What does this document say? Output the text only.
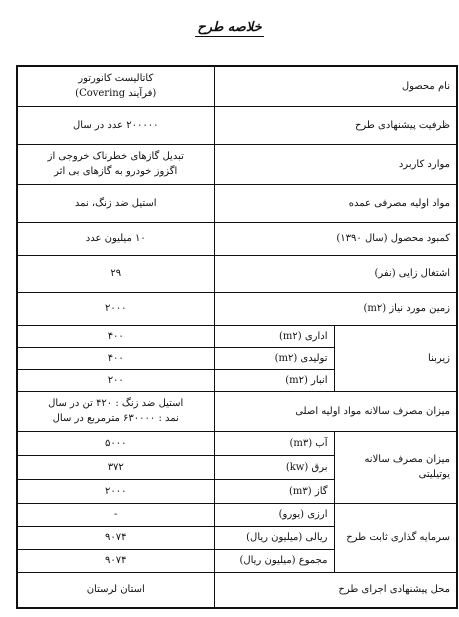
خلاصه طرح
نام محصول		کاتالیست کانورتور
(فرآیند Covering)

ظرفیت پیشنهادی طرح		۲۰۰۰۰۰ عدد در سال
موارد کاربرد		تبدیل گازهای خطرناک خروجی از
اگزوز خودرو به گازهای بی اثر

مواد اولیه مصرفی عمده		استیل ضد زنگ، نمد
کمبود محصول (سال ۱۳۹۰)		۱۰ میلیون عدد
اشتغال زایی (نفر)		۲۹
زمین مورد نیاز (m۲)		۲۰۰۰
زیربنا	اداری (m۲)	۴۰۰
	تولیدی (m۲)	۴۰۰
	انبار (m۲)	۲۰۰
میزان مصرف سالانه مواد اولیه اصلی		استیل ضد زنگ : ۴۲۰ تن در سال
نمد : ۶۳۰۰۰۰ مترمربع در سال

میزان مصرف سالانه یوتیلیتی	آب (m۳)	۵۰۰۰
	برق (kw)	۳۷۲
	گاز (m۳)	۲۰۰۰
سرمایه گذاری ثابت طرح	ارزی (یورو)	-
	ریالی (میلیون ریال)	۹۰۷۴
	مجموع (میلیون ریال)	۹۰۷۴
محل پیشنهادی اجرای طرح		استان لرستان
